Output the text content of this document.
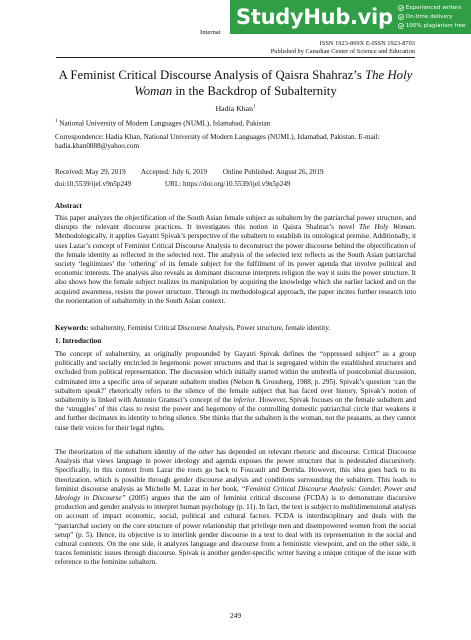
StudyHub.vip Experienced writers
On-time delivery
100% plagiarism free
Internat
ISSN 1923-869X E-ISSN 1923-8703
Published by Canadian Center of Science and Education
A Feminist Critical Discourse Analysis of Qaisra Shahraz’s The Holy
Woman in the Backdrop of Subalternity
Hadia Khan$^1$
$^1$ National University of Modern Languages (NUML), Islamabad, Pakistan
Correspondence: Hadia Khan, National University of Modern Languages (NUML), Islamabad, Pakistan. E-mail: hadia.khan0888@yahoo.com
Received: May 29, 2019 Accepted: July 6, 2019 Online Published: August 26, 2019
doi:10.5539/ijel.v9n5p249	URL: https://doi.org/10.5539/ijel.v9n5p249
Abstract
This paper analyzes the objectification of the South Asian female subject as subaltern by the patriarchal power structure, and disrupts the relevant discourse practices. It investigates this notion in Qaisra Shahraz’s novel The Holy Woman. Methodologically, it applies Gayatri Spivak’s perspective of the subaltern to establish its ontological premise. Additionally, it uses Lazar’s concept of Feminist Critical Discourse Analysis to deconstruct the power discourse behind the objectification of the female identity as reflected in the selected text. The analysis of the selected text reflects as the South Asian patriarchal society ‘legitimizes’ the ‘othering’ of its female subject for the fulfilment of its power agenda that involve political and economic interests. The analysis also reveals as dominant discourse interprets religion the way it suits the power structure. It also shows how the female subject realizes its manipulation by acquiring the knowledge which she earlier lacked and on the acquired awareness, resists the power structure. Through its methodological approach, the paper incites further research into the reorientation of subalternity in the South Asian context.
Keywords: subalternity, Feminist Critical Discourse Analysis, Power structure, female identity.
1. Introduction
The concept of subalternity, as originally propounded by Gayatri Spivak defines the “oppressed subject” as a group politically and socially encircled in hegemonic power structures and that is segregated within the established structures and excluded from political representation. The discussion which initially started within the umbrella of postcolonial discussion, culminated into a specific area of separate subaltern studies (Nelson & Grossberg, 1988, p. 295). Spivak’s question ‘can the subaltern speak?’ rhetorically refers to the silence of the female subject that has faced over history. Spivak’s notion of subalternity is linked with Antonio Gramsci’s concept of the inferior. However, Spivak focuses on the female subaltern and the ‘struggles’ of this class to resist the power and hegemony of the controlling domestic patriarchal circle that weakens it and further decimates its identity to bring silence. She thinks that the subaltern is the woman, not the peasants, as they cannot raise their voices for their legal rights.
The theorization of the subaltern identity of the other has depended on relevant rhetoric and discourse. Critical Discourse Analysis that views language in power ideology and agenda exposes the power structure that is pedestaled discursively. Specifically, in this context from Lazar the roots go back to Foucault and Derrida. However, this idea goes back to its theorization, which is possible through gender discourse analysis and conditions surrounding the subaltern. This leads to feminist discourse analysis as Michelle M. Lazar in her book, “Feminist Critical Discourse Analysis: Gender, Power and Ideology in Discourse” (2005) argues that the aim of feminist critical discourse (FCDA) is to demonstrate discursive production and gender analysis to interpret human psychology (p. 11). In fact, the text is subject to multidimensional analysis on account of impact economic, social, political and cultural factors. FCDA is interdisciplinary and deals with the “patriarchal society on the core structure of power relationship that privilege men and disempowered women from the social setup” (p. 5). Hence, its objective is to interlink gender discourse in a text to deal with its representation in the social and cultural contexts. On the one side, it analyzes language and discourse from a feministic viewpoint, and on the other side, it traces feministic issues through discourse. Spivak is another gender-specific writer having a unique critique of the issue with reference to the feminine subaltern.
249
